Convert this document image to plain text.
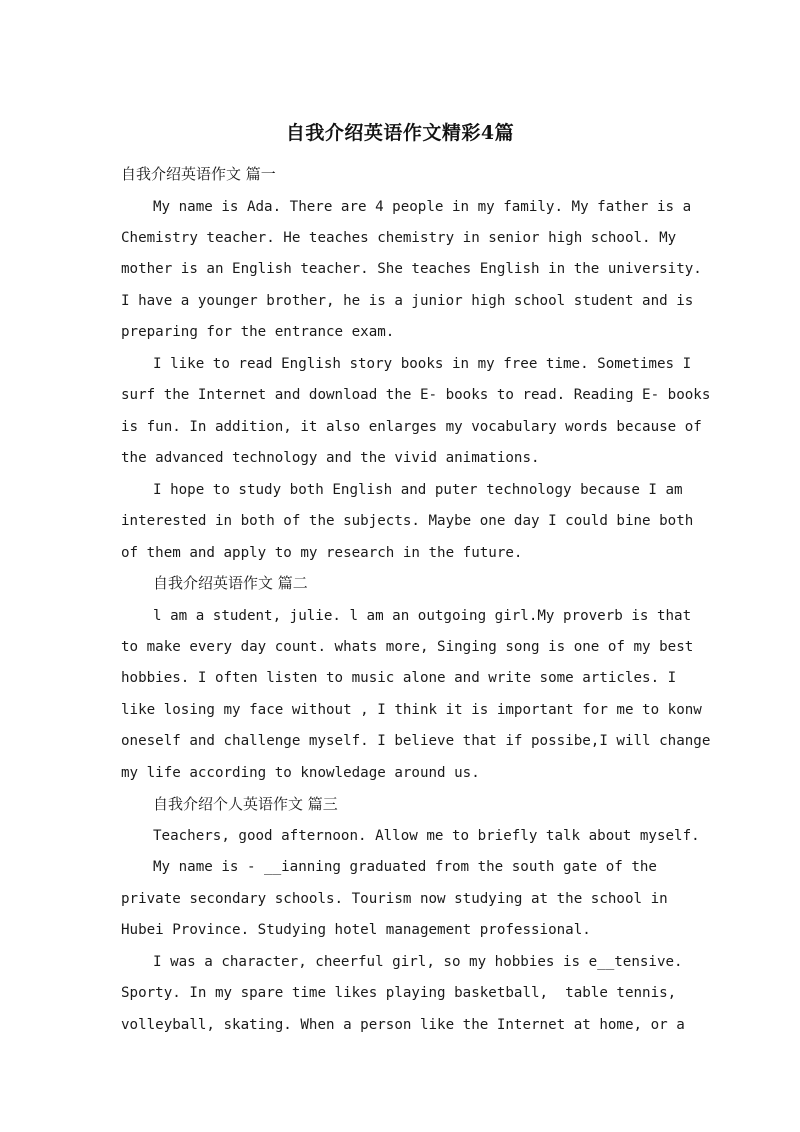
自我介绍英语作文精彩4篇
自我介绍英语作文 篇一
My name is Ada. There are 4 people in my family. My father is a
Chemistry teacher. He teaches chemistry in senior high school. My
mother is an English teacher. She teaches English in the university.
I have a younger brother, he is a junior high school student and is
preparing for the entrance exam.
I like to read English story books in my free time. Sometimes I
surf the Internet and download the E- books to read. Reading E- books
is fun. In addition, it also enlarges my vocabulary words because of
the advanced technology and the vivid animations.
I hope to study both English and puter technology because I am
interested in both of the subjects. Maybe one day I could bine both
of them and apply to my research in the future.
自我介绍英语作文 篇二
l am a student, julie. l am an outgoing girl.My proverb is that
to make every day count. whats more, Singing song is one of my best
hobbies. I often listen to music alone and write some articles. I
like losing my face without , I think it is important for me to konw
oneself and challenge myself. I believe that if possibe,I will change
my life according to knowledage around us.
自我介绍个人英语作文 篇三
Teachers, good afternoon. Allow me to briefly talk about myself.
My name is - __ianning graduated from the south gate of the
private secondary schools. Tourism now studying at the school in
Hubei Province. Studying hotel management professional.
I was a character, cheerful girl, so my hobbies is e__tensive.
Sporty. In my spare time likes playing basketball,  table tennis,
volleyball, skating. When a person like the Internet at home, or a
